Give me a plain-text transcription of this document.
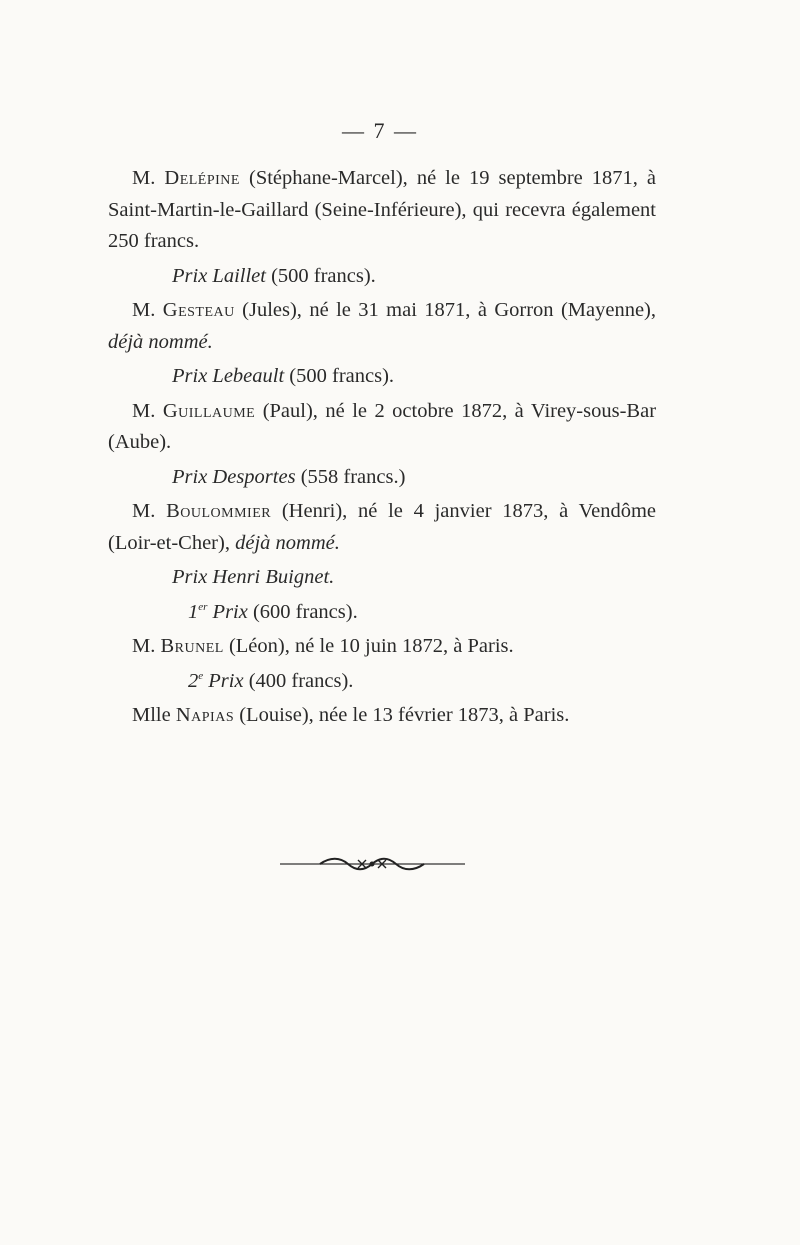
— 7 —

M. Delépine (Stéphane-Marcel), né le 19 septembre 1871, à Saint-Martin-le-Gaillard (Seine-Inférieure), qui recevra également 250 francs.

Prix Laillet (500 francs).

M. Gesteau (Jules), né le 31 mai 1871, à Gorron (Mayenne), déjà nommé.

Prix Lebeault (500 francs).

M. Guillaume (Paul), né le 2 octobre 1872, à Virey-sous-Bar (Aube).

Prix Desportes (558 francs.)

M. Boulommier (Henri), né le 4 janvier 1873, à Vendôme (Loir-et-Cher), déjà nommé.

Prix Henri Buignet.

1er Prix (600 francs).

M. Brunel (Léon), né le 10 juin 1872, à Paris.

2e Prix (400 francs).

Mlle Napias (Louise), née le 13 février 1873, à Paris.
